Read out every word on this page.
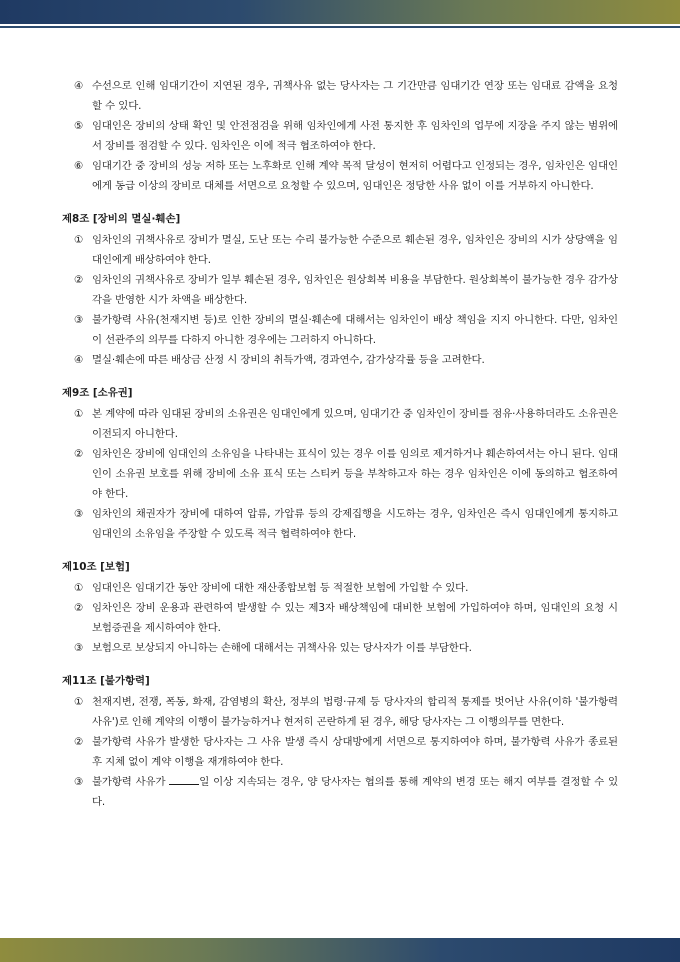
④ 수선으로 인해 임대기간이 지연된 경우, 귀책사유 없는 당사자는 그 기간만큼 임대기간 연장 또는 임대료 감액을 요청할 수 있다.

⑤ 임대인은 장비의 상태 확인 및 안전점검을 위해 임차인에게 사전 통지한 후 임차인의 업무에 지장을 주지 않는 범위에서 장비를 점검할 수 있다. 임차인은 이에 적극 협조하여야 한다.

⑥ 임대기간 중 장비의 성능 저하 또는 노후화로 인해 계약 목적 달성이 현저히 어렵다고 인정되는 경우, 임차인은 임대인에게 동급 이상의 장비로 대체를 서면으로 요청할 수 있으며, 임대인은 정당한 사유 없이 이를 거부하지 아니한다.

제8조 [장비의 멸실·훼손]

① 임차인의 귀책사유로 장비가 멸실, 도난 또는 수리 불가능한 수준으로 훼손된 경우, 임차인은 장비의 시가 상당액을 임대인에게 배상하여야 한다.

② 임차인의 귀책사유로 장비가 일부 훼손된 경우, 임차인은 원상회복 비용을 부담한다. 원상회복이 불가능한 경우 감가상각을 반영한 시가 차액을 배상한다.

③ 불가항력 사유(천재지변 등)로 인한 장비의 멸실·훼손에 대해서는 임차인이 배상 책임을 지지 아니한다. 다만, 임차인이 선관주의 의무를 다하지 아니한 경우에는 그러하지 아니하다.

④ 멸실·훼손에 따른 배상금 산정 시 장비의 취득가액, 경과연수, 감가상각률 등을 고려한다.

제9조 [소유권]

① 본 계약에 따라 임대된 장비의 소유권은 임대인에게 있으며, 임대기간 중 임차인이 장비를 점유·사용하더라도 소유권은 이전되지 아니한다.

② 임차인은 장비에 임대인의 소유임을 나타내는 표식이 있는 경우 이를 임의로 제거하거나 훼손하여서는 아니 된다. 임대인이 소유권 보호를 위해 장비에 소유 표식 또는 스티커 등을 부착하고자 하는 경우 임차인은 이에 동의하고 협조하여야 한다.

③ 임차인의 채권자가 장비에 대하여 압류, 가압류 등의 강제집행을 시도하는 경우, 임차인은 즉시 임대인에게 통지하고 임대인의 소유임을 주장할 수 있도록 적극 협력하여야 한다.

제10조 [보험]

① 임대인은 임대기간 동안 장비에 대한 재산종합보험 등 적절한 보험에 가입할 수 있다.

② 임차인은 장비 운용과 관련하여 발생할 수 있는 제3자 배상책임에 대비한 보험에 가입하여야 하며, 임대인의 요청 시 보험증권을 제시하여야 한다.

③ 보험으로 보상되지 아니하는 손해에 대해서는 귀책사유 있는 당사자가 이를 부담한다.

제11조 [불가항력]

① 천재지변, 전쟁, 폭동, 화재, 감염병의 확산, 정부의 법령·규제 등 당사자의 합리적 통제를 벗어난 사유(이하 '불가항력 사유')로 인해 계약의 이행이 불가능하거나 현저히 곤란하게 된 경우, 해당 당사자는 그 이행의무를 면한다.

② 불가항력 사유가 발생한 당사자는 그 사유 발생 즉시 상대방에게 서면으로 통지하여야 하며, 불가항력 사유가 종료된 후 지체 없이 계약 이행을 재개하여야 한다.

③ 불가항력 사유가	일 이상 지속되는 경우, 양 당사자는 협의를 통해 계약의 변경 또는 해지 여부를 결정할 수 있다.
